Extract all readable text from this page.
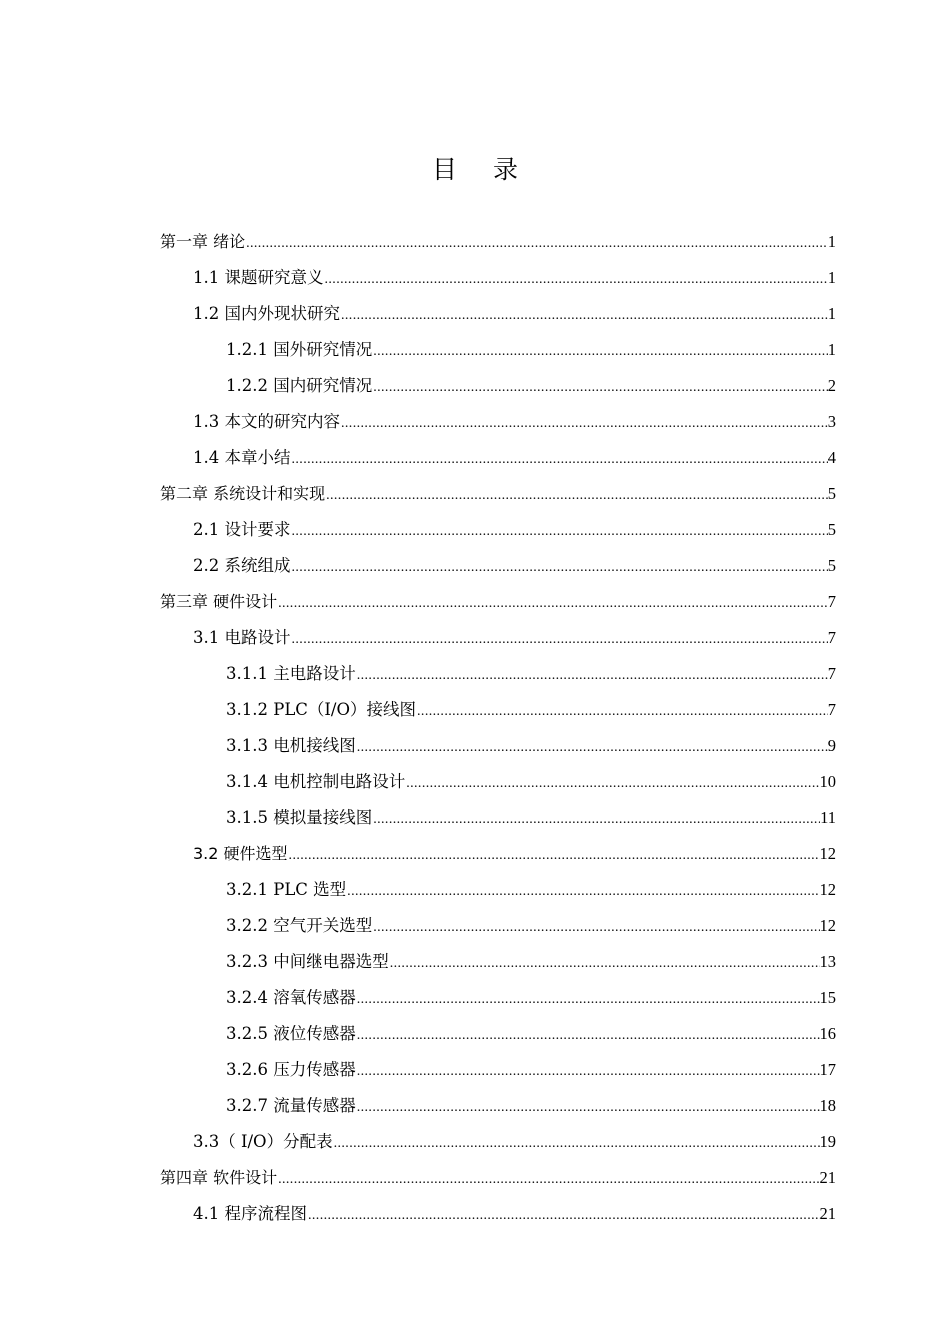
目 录
第一章 绪论 .....	1
1.1 课题研究意义 .....	1
1.2 国内外现状研究 .....	1
1.2.1 国外研究情况 .....	1
1.2.2 国内研究情况 .....	2
1.3 本文的研究内容 .....	3
1.4 本章小结 .....	4
第二章 系统设计和实现 .....	5
2.1 设计要求 .....	5
2.2 系统组成 .....	5
第三章 硬件设计 .....	7
3.1 电路设计 .....	7
3.1.1 主电路设计 .....	7
3.1.2 PLC（I/O）接线图 .....	7
3.1.3 电机接线图 .....	9
3.1.4 电机控制电路设计 .....	10
3.1.5 模拟量接线图 .....	11
3.2 硬件选型 .....	12
3.2.1 PLC 选型 .....	12
3.2.2 空气开关选型 .....	12
3.2.3 中间继电器选型 .....	13
3.2.4 溶氧传感器 .....	15
3.2.5 液位传感器 .....	16
3.2.6 压力传感器 .....	17
3.2.7 流量传感器 .....	18
3.3（ I/O）分配表 .....	19
第四章 软件设计 .....	21
4.1 程序流程图 .....	21
